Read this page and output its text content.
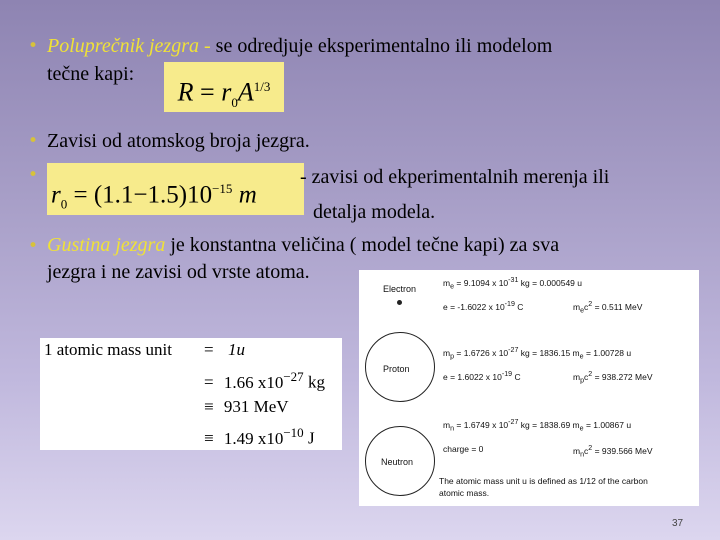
• Poluprečnik jezgra - se odredjuje eksperimentalno ili modelom
tečne kapi:
$R = r_0A^{1/3}$
• Zavisi od atomskog broja jezgra.
•
$r_0 = (1.1-1.5)10^{-15}$ m
- zavisi od ekperimentalnih merenja ili
detalja modela.
• Gustina jezgra je konstantna veličina ( model tečne kapi) za sva
jezgra i ne zavisi od vrste atoma.
1 atomic mass unit = 1u
= 1.66 $x10^{-27}$ kg
≡ 931 MeV
≡ 1.49 $x10^{-10}$ J
Electron
$m_e = 9.1094$ x $10^{-31}$ kg = 0.000549 u
e = -1.6022 x $10^{-19}$ C	$m_ec^2 = 0.511$ MeV
Proton
$m_p = 1.6726$ x $10^{-27}$ kg = 1836.15 $m_e = 1.00728$ u
e = 1.6022 x $10^{-19}$ C	$m_pc^2 = 938.272$ MeV
Neutron
$m_n = 1.6749$ x $10^{-27}$ kg = 1838.69 $m_e = 1.00867$ u
charge = 0	$m_nc^2 = 939.566$ MeV
The atomic mass unit u is defined as 1/12 of the carbon
atomic mass.
37
